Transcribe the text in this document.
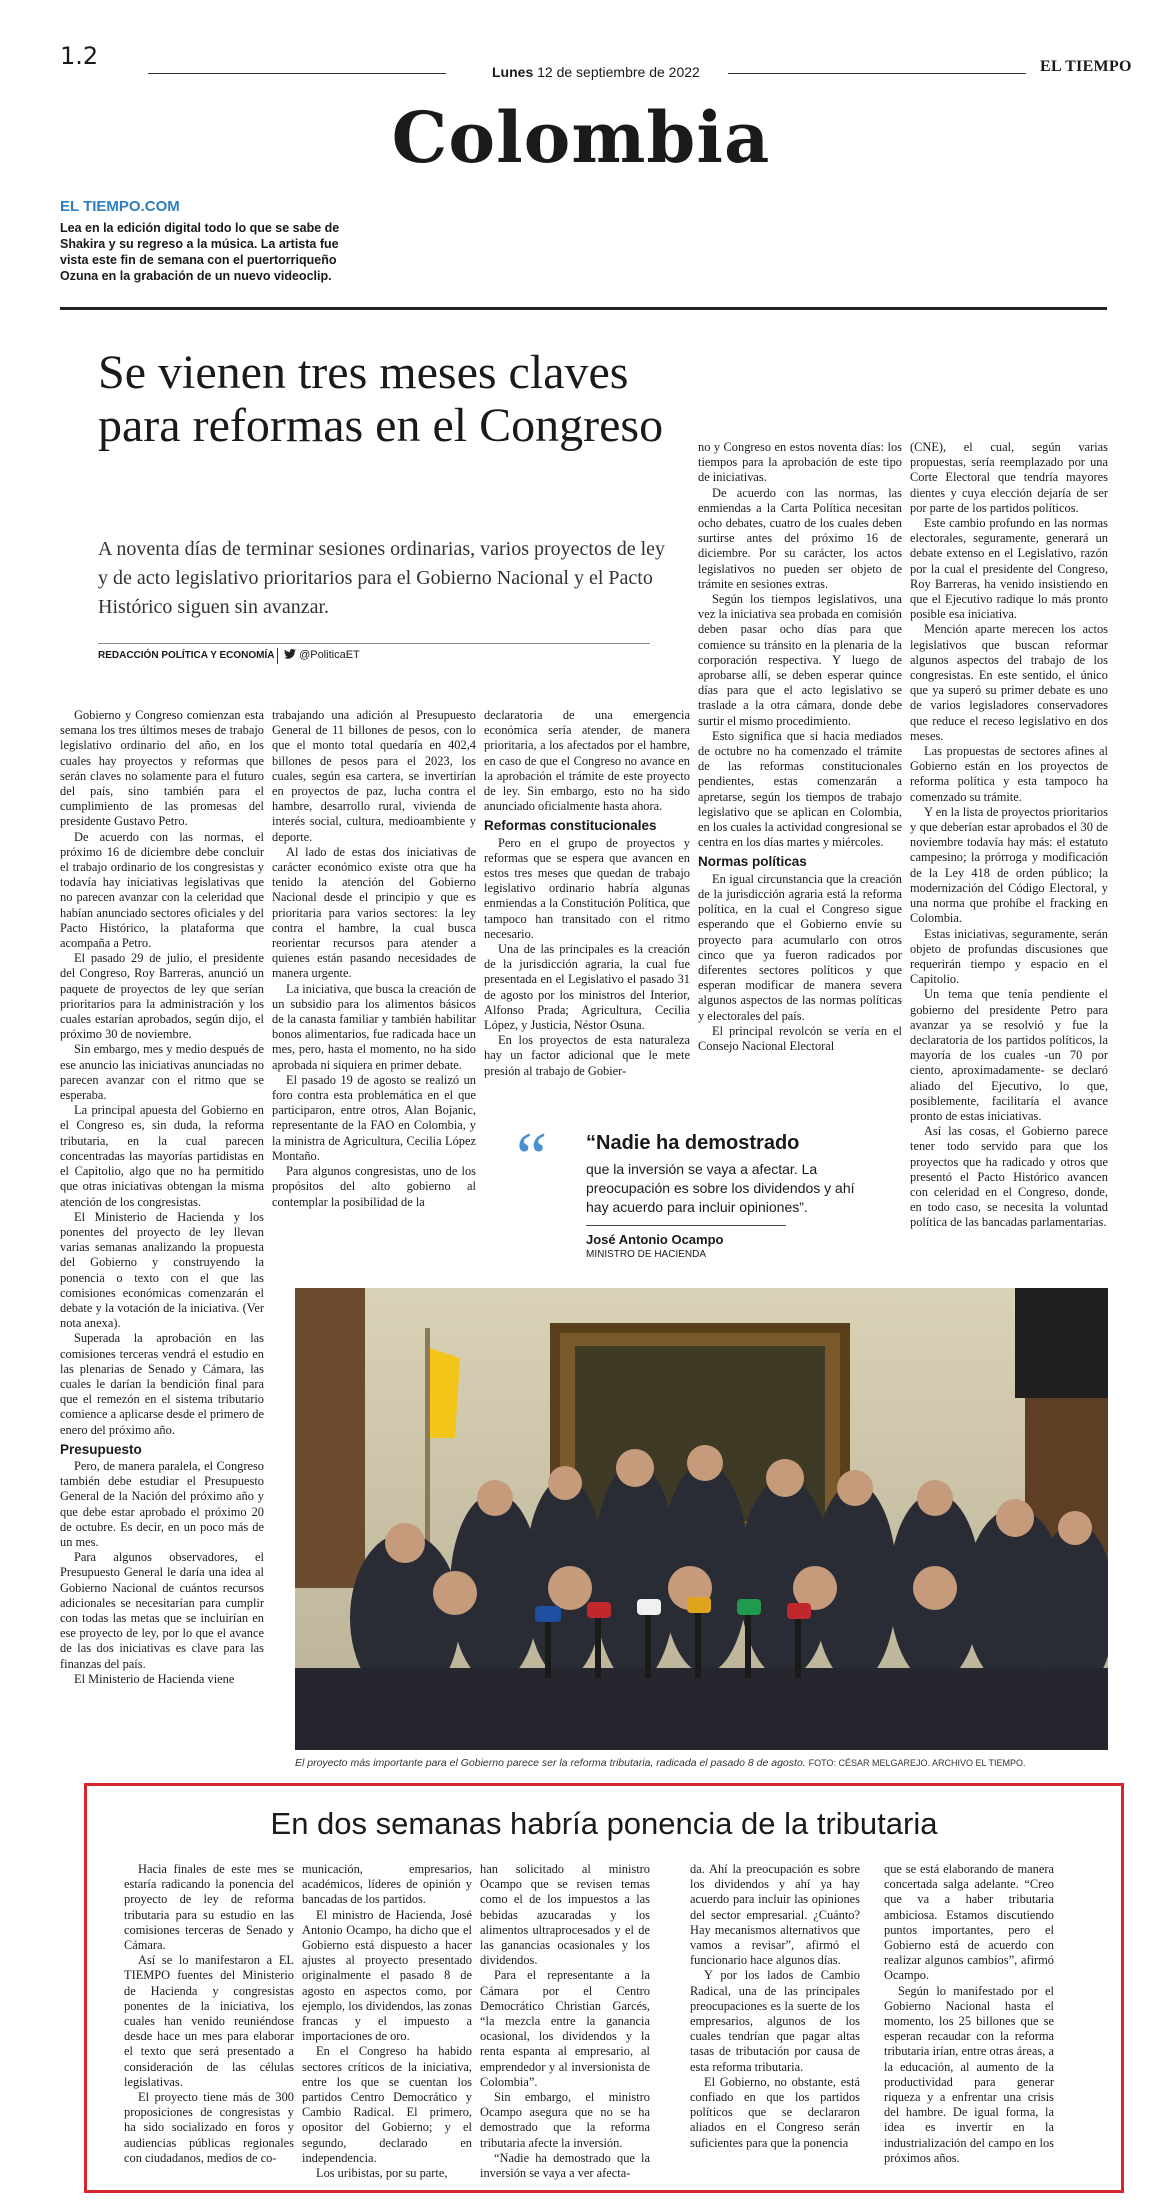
1.2
Lunes 12 de septiembre de 2022	EL TIEMPO
Colombia
EL TIEMPO.COM
Lea en la edición digital todo lo que se sabe de Shakira y su regreso a la música. La artista fue vista este fin de semana con el puertorriqueño Ozuna en la grabación de un nuevo videoclip.
Se vienen tres meses claves para reformas en el Congreso
A noventa días de terminar sesiones ordinarias, varios proyectos de ley y de acto legislativo prioritarios para el Gobierno Nacional y el Pacto Histórico siguen sin avanzar.
REDACCIÓN POLÍTICA Y ECONOMÍA	@PoliticaET

Gobierno y Congreso comienzan esta semana los tres últimos meses de trabajo legislativo ordinario del año, en los cuales hay proyectos y reformas que serán claves no solamente para el futuro del país, sino también para el cumplimiento de las promesas del presidente Gustavo Petro.

De acuerdo con las normas, el próximo 16 de diciembre debe concluir el trabajo ordinario de los congresistas y todavía hay iniciativas legislativas que no parecen avanzar con la celeridad que habían anunciado sectores oficiales y del Pacto Histórico, la plataforma que acompaña a Petro.

El pasado 29 de julio, el presidente del Congreso, Roy Barreras, anunció un paquete de proyectos de ley que serían prioritarios para la administración y los cuales estarían aprobados, según dijo, el próximo 30 de noviembre.

Sin embargo, mes y medio después de ese anuncio las iniciativas anunciadas no parecen avanzar con el ritmo que se esperaba.

La principal apuesta del Gobierno en el Congreso es, sin duda, la reforma tributaria, en la cual parecen concentradas las mayorías partidistas en el Capitolio, algo que no ha permitido que otras iniciativas obtengan la misma atención de los congresistas.

El Ministerio de Hacienda y los ponentes del proyecto de ley llevan varias semanas analizando la propuesta del Gobierno y construyendo la ponencia o texto con el que las comisiones económicas comenzarán el debate y la votación de la iniciativa. (Ver nota anexa).

Superada la aprobación en las comisiones terceras vendrá el estudio en las plenarias de Senado y Cámara, las cuales le darían la bendición final para que el remezón en el sistema tributario comience a aplicarse desde el primero de enero del próximo año.

Presupuesto

Pero, de manera paralela, el Congreso también debe estudiar el Presupuesto General de la Nación del próximo año y que debe estar aprobado el próximo 20 de octubre. Es decir, en un poco más de un mes.

Para algunos observadores, el Presupuesto General le daría una idea al Gobierno Nacional de cuántos recursos adicionales se necesitarían para cumplir con todas las metas que se incluirían en ese proyecto de ley, por lo que el avance de las dos iniciativas es clave para las finanzas del país.

El Ministerio de Hacienda viene

trabajando una adición al Presupuesto General de 11 billones de pesos, con lo que el monto total quedaría en 402,4 billones de pesos para el 2023, los cuales, según esa cartera, se invertirían en proyectos de paz, lucha contra el hambre, desarrollo rural, vivienda de interés social, cultura, medioambiente y deporte.

Al lado de estas dos iniciativas de carácter económico existe otra que ha tenido la atención del Gobierno Nacional desde el principio y que es prioritaria para varios sectores: la ley contra el hambre, la cual busca reorientar recursos para atender a quienes están pasando necesidades de manera urgente.

La iniciativa, que busca la creación de un subsidio para los alimentos básicos de la canasta familiar y también habilitar bonos alimentarios, fue radicada hace un mes, pero, hasta el momento, no ha sido aprobada ni siquiera en primer debate.

El pasado 19 de agosto se realizó un foro contra esta problemática en el que participaron, entre otros, Alan Bojanic, representante de la FAO en Colombia, y la ministra de Agricultura, Cecilia López Montaño.

Para algunos congresistas, uno de los propósitos del alto gobierno al contemplar la posibilidad de la

declaratoria de una emergencia económica sería atender, de manera prioritaria, a los afectados por el hambre, en caso de que el Congreso no avance en la aprobación el trámite de este proyecto de ley. Sin embargo, esto no ha sido anunciado oficialmente hasta ahora.

Reformas constitucionales

Pero en el grupo de proyectos y reformas que se espera que avancen en estos tres meses que quedan de trabajo legislativo ordinario habría algunas enmiendas a la Constitución Política, que tampoco han transitado con el ritmo necesario.

Una de las principales es la creación de la jurisdicción agraria, la cual fue presentada en el Legislativo el pasado 31 de agosto por los ministros del Interior, Alfonso Prada; Agricultura, Cecilia López, y Justicia, Néstor Osuna.

En los proyectos de esta naturaleza hay un factor adicional que le mete presión al trabajo de Gobier-

no y Congreso en estos noventa días: los tiempos para la aprobación de este tipo de iniciativas.

De acuerdo con las normas, las enmiendas a la Carta Política necesitan ocho debates, cuatro de los cuales deben surtirse antes del próximo 16 de diciembre. Por su carácter, los actos legislativos no pueden ser objeto de trámite en sesiones extras.

Según los tiempos legislativos, una vez la iniciativa sea probada en comisión deben pasar ocho días para que comience su tránsito en la plenaria de la corporación respectiva. Y luego de aprobarse allí, se deben esperar quince días para que el acto legislativo se traslade a la otra cámara, donde debe surtir el mismo procedimiento.

Esto significa que si hacia mediados de octubre no ha comenzado el trámite de las reformas constitucionales pendientes, estas comenzarán a apretarse, según los tiempos de trabajo legislativo que se aplican en Colombia, en los cuales la actividad congresional se centra en los días martes y miércoles.

Normas políticas

En igual circunstancia que la creación de la jurisdicción agraria está la reforma política, en la cual el Congreso sigue esperando que el Gobierno envíe su proyecto para acumularlo con otros cinco que ya fueron radicados por diferentes sectores políticos y que esperan modificar de manera severa algunos aspectos de las normas políticas y electorales del país.

El principal revolcón se vería en el Consejo Nacional Electoral

(CNE), el cual, según varias propuestas, sería reemplazado por una Corte Electoral que tendría mayores dientes y cuya elección dejaría de ser por parte de los partidos políticos.

Este cambio profundo en las normas electorales, seguramente, generará un debate extenso en el Legislativo, razón por la cual el presidente del Congreso, Roy Barreras, ha venido insistiendo en que el Ejecutivo radique lo más pronto posible esa iniciativa.

Mención aparte merecen los actos legislativos que buscan reformar algunos aspectos del trabajo de los congresistas. En este sentido, el único que ya superó su primer debate es uno de varios legisladores conservadores que reduce el receso legislativo en dos meses.

Las propuestas de sectores afines al Gobierno están en los proyectos de reforma política y esta tampoco ha comenzado su trámite.

Y en la lista de proyectos prioritarios y que deberían estar aprobados el 30 de noviembre todavía hay más: el estatuto campesino; la prórroga y modificación de la Ley 418 de orden público; la modernización del Código Electoral, y una norma que prohíbe el fracking en Colombia.

Estas iniciativas, seguramente, serán objeto de profundas discusiones que requerirán tiempo y espacio en el Capitolio.

Un tema que tenía pendiente el gobierno del presidente Petro para avanzar ya se resolvió y fue la declaratoria de los partidos políticos, la mayoría de los cuales -un 70 por ciento, aproximadamente- se declaró aliado del Ejecutivo, lo que, posiblemente, facilitaría el avance pronto de estas iniciativas.

Así las cosas, el Gobierno parece tener todo servido para que los proyectos que ha radicado y otros que presentó el Pacto Histórico avancen con celeridad en el Congreso, donde, en todo caso, se necesita la voluntad política de las bancadas parlamentarias.

“ “Nadie ha demostrado
que la inversión se vaya a afectar. La preocupación es sobre los dividendos y ahí hay acuerdo para incluir opiniones”.
José Antonio Ocampo
MINISTRO DE HACIENDA
El proyecto más importante para el Gobierno parece ser la reforma tributaria, radicada el pasado 8 de agosto. FOTO: CÉSAR MELGAREJO. ARCHIVO EL TIEMPO.
En dos semanas habría ponencia de la tributaria

Hacia finales de este mes se estaría radicando la ponencia del proyecto de ley de reforma tributaria para su estudio en las comisiones terceras de Senado y Cámara.

Así se lo manifestaron a EL TIEMPO fuentes del Ministerio de Hacienda y congresistas ponentes de la iniciativa, los cuales han venido reuniéndose desde hace un mes para elaborar el texto que será presentado a consideración de las células legislativas.

El proyecto tiene más de 300 proposiciones de congresistas y ha sido socializado en foros y audiencias públicas regionales con ciudadanos, medios de co-

municación, empresarios, académicos, líderes de opinión y bancadas de los partidos.

El ministro de Hacienda, José Antonio Ocampo, ha dicho que el Gobierno está dispuesto a hacer ajustes al proyecto presentado originalmente el pasado 8 de agosto en aspectos como, por ejemplo, los dividendos, las zonas francas y el impuesto a importaciones de oro.

En el Congreso ha habido sectores críticos de la iniciativa, entre los que se cuentan los partidos Centro Democrático y Cambio Radical. El primero, opositor del Gobierno; y el segundo, declarado en independencia.

Los uribistas, por su parte,

han solicitado al ministro Ocampo que se revisen temas como el de los impuestos a las bebidas azucaradas y los alimentos ultraprocesados y el de las ganancias ocasionales y los dividendos.

Para el representante a la Cámara por el Centro Democrático Christian Garcés, “la mezcla entre la ganancia ocasional, los dividendos y la renta espanta al empresario, al emprendedor y al inversionista de Colombia”.

Sin embargo, el ministro Ocampo asegura que no se ha demostrado que la reforma tributaria afecte la inversión.

“Nadie ha demostrado que la inversión se vaya a ver afecta-

da. Ahí la preocupación es sobre los dividendos y ahí ya hay acuerdo para incluir las opiniones del sector empresarial. ¿Cuánto? Hay mecanismos alternativos que vamos a revisar”, afirmó el funcionario hace algunos días.

Y por los lados de Cambio Radical, una de las principales preocupaciones es la suerte de los empresarios, algunos de los cuales tendrían que pagar altas tasas de tributación por causa de esta reforma tributaria.

El Gobierno, no obstante, está confiado en que los partidos políticos que se declararon aliados en el Congreso serán suficientes para que la ponencia

que se está elaborando de manera concertada salga adelante. “Creo que va a haber tributaria ambiciosa. Estamos discutiendo puntos importantes, pero el Gobierno está de acuerdo con realizar algunos cambios”, afirmó Ocampo.

Según lo manifestado por el Gobierno Nacional hasta el momento, los 25 billones que se esperan recaudar con la reforma tributaria irían, entre otras áreas, a la educación, al aumento de la productividad para generar riqueza y a enfrentar una crisis del hambre. De igual forma, la idea es invertir en la industrialización del campo en los próximos años.
